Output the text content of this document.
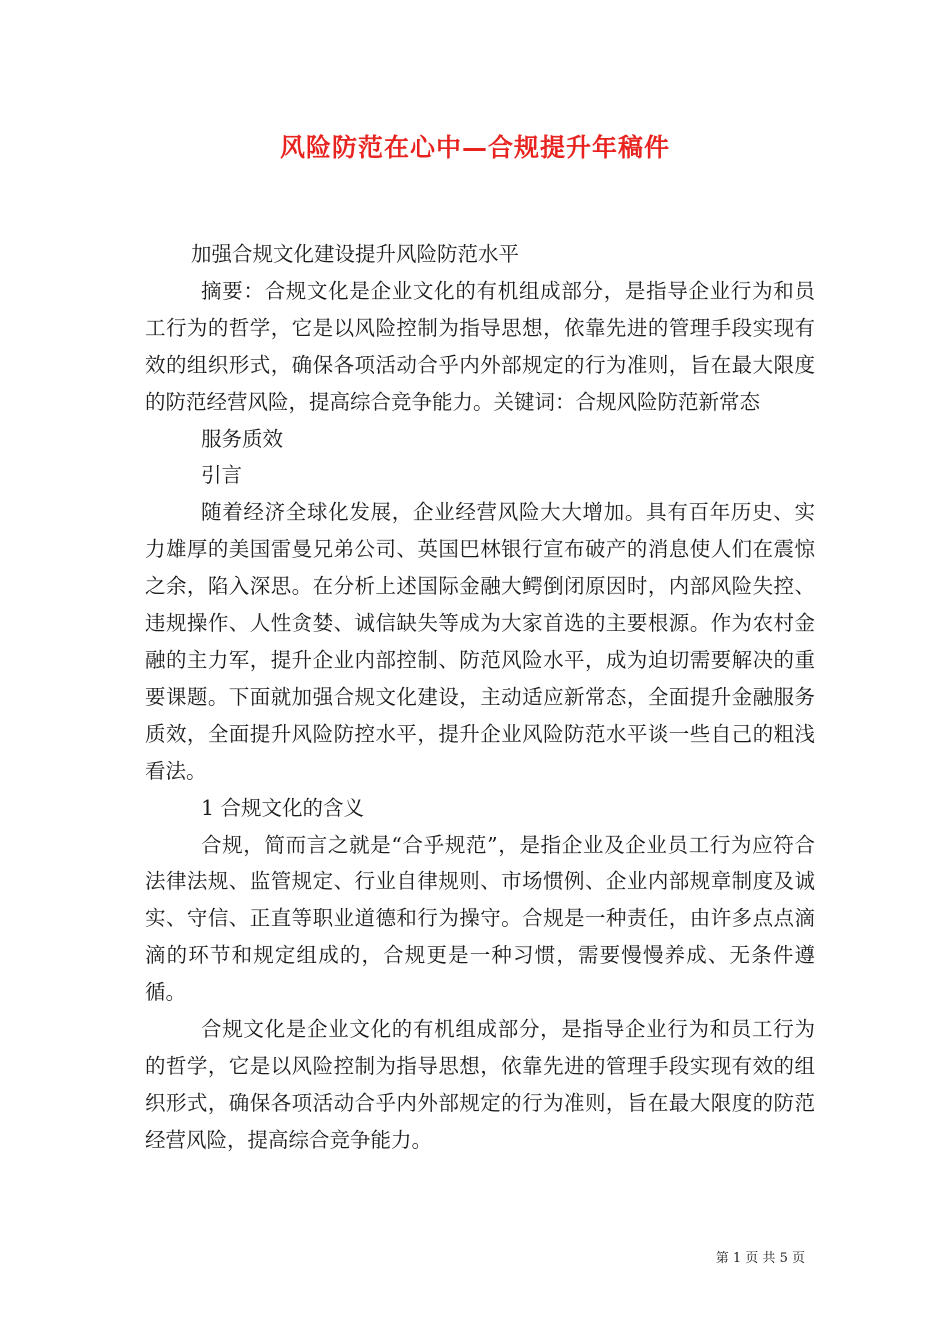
风险防范在心中—合规提升年稿件

加强合规文化建设提升风险防范水平

摘要：合规文化是企业文化的有机组成部分，是指导企业行为和员工行为的哲学，它是以风险控制为指导思想，依靠先进的管理手段实现有效的组织形式，确保各项活动合乎内外部规定的行为准则，旨在最大限度的防范经营风险，提高综合竞争能力。关键词：合规风险防范新常态

服务质效

引言

随着经济全球化发展，企业经营风险大大增加。具有百年历史、实力雄厚的美国雷曼兄弟公司、英国巴林银行宣布破产的消息使人们在震惊之余，陷入深思。在分析上述国际金融大鳄倒闭原因时，内部风险失控、违规操作、人性贪婪、诚信缺失等成为大家首选的主要根源。作为农村金融的主力军，提升企业内部控制、防范风险水平，成为迫切需要解决的重要课题。下面就加强合规文化建设，主动适应新常态，全面提升金融服务质效，全面提升风险防控水平，提升企业风险防范水平谈一些自己的粗浅看法。

1 合规文化的含义

合规，简而言之就是“合乎规范”，是指企业及企业员工行为应符合法律法规、监管规定、行业自律规则、市场惯例、企业内部规章制度及诚实、守信、正直等职业道德和行为操守。合规是一种责任，由许多点点滴滴的环节和规定组成的，合规更是一种习惯，需要慢慢养成、无条件遵循。

合规文化是企业文化的有机组成部分，是指导企业行为和员工行为的哲学，它是以风险控制为指导思想，依靠先进的管理手段实现有效的组织形式，确保各项活动合乎内外部规定的行为准则，旨在最大限度的防范经营风险，提高综合竞争能力。

第 1 页 共 5 页
